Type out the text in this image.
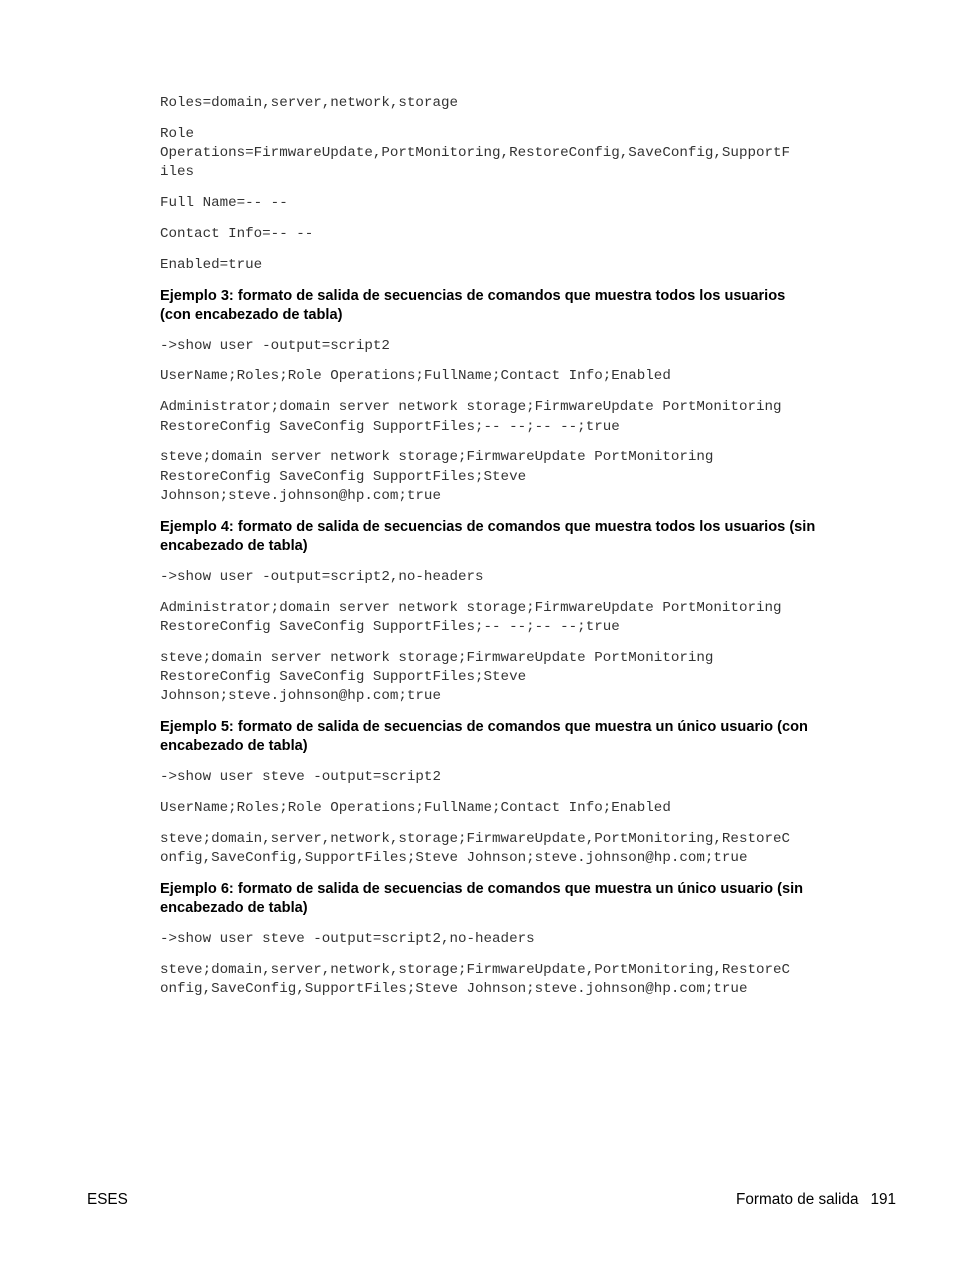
Roles=domain,server,network,storage
Role
Operations=FirmwareUpdate,PortMonitoring,RestoreConfig,SaveConfig,SupportF
iles
Full Name=-- --
Contact Info=-- --
Enabled=true
Ejemplo 3: formato de salida de secuencias de comandos que muestra todos los usuarios
(con encabezado de tabla)
->show user -output=script2
UserName;Roles;Role Operations;FullName;Contact Info;Enabled
Administrator;domain server network storage;FirmwareUpdate PortMonitoring
RestoreConfig SaveConfig SupportFiles;-- --;-- --;true
steve;domain server network storage;FirmwareUpdate PortMonitoring
RestoreConfig SaveConfig SupportFiles;Steve
Johnson;steve.johnson@hp.com;true
Ejemplo 4: formato de salida de secuencias de comandos que muestra todos los usuarios (sin
encabezado de tabla)
->show user -output=script2,no-headers
Administrator;domain server network storage;FirmwareUpdate PortMonitoring
RestoreConfig SaveConfig SupportFiles;-- --;-- --;true
steve;domain server network storage;FirmwareUpdate PortMonitoring
RestoreConfig SaveConfig SupportFiles;Steve
Johnson;steve.johnson@hp.com;true
Ejemplo 5: formato de salida de secuencias de comandos que muestra un único usuario (con
encabezado de tabla)
->show user steve -output=script2
UserName;Roles;Role Operations;FullName;Contact Info;Enabled
steve;domain,server,network,storage;FirmwareUpdate,PortMonitoring,RestoreC
onfig,SaveConfig,SupportFiles;Steve Johnson;steve.johnson@hp.com;true
Ejemplo 6: formato de salida de secuencias de comandos que muestra un único usuario (sin
encabezado de tabla)
->show user steve -output=script2,no-headers
steve;domain,server,network,storage;FirmwareUpdate,PortMonitoring,RestoreC
onfig,SaveConfig,SupportFiles;Steve Johnson;steve.johnson@hp.com;true
ESES	Formato de salida 191
